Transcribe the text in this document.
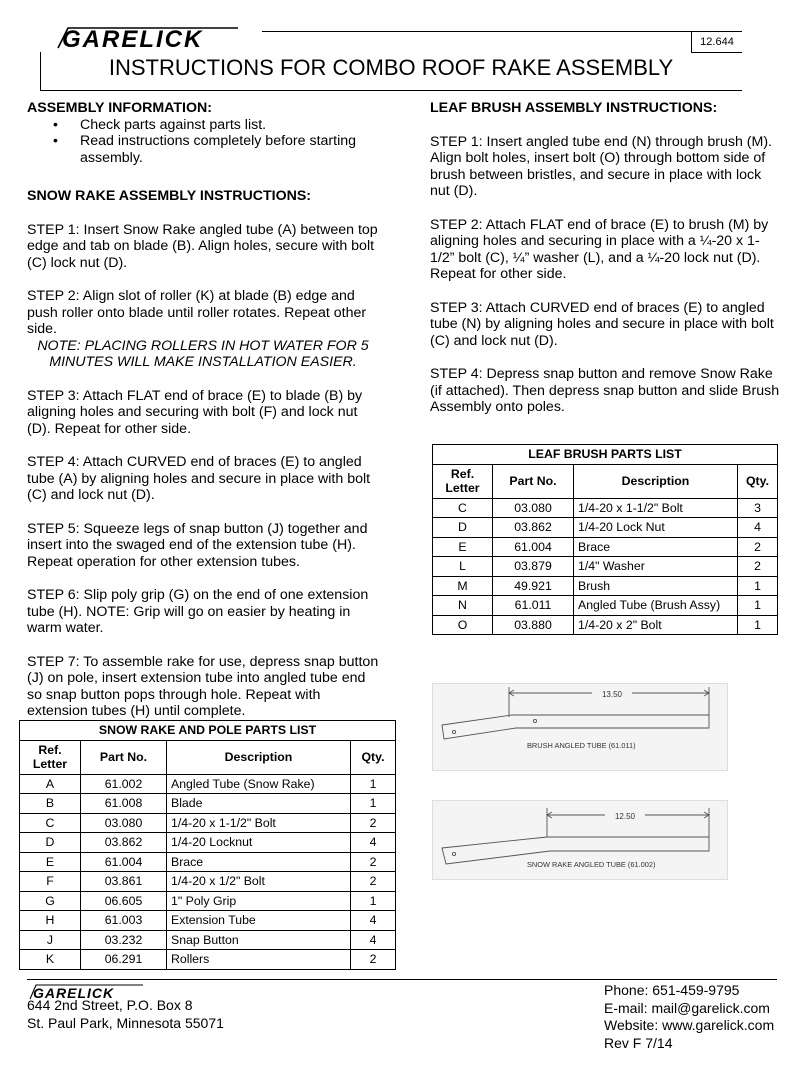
GARELICK	12.644
INSTRUCTIONS FOR COMBO ROOF RAKE ASSEMBLY

ASSEMBLY INFORMATION:

• Check parts against parts list.
• Read instructions completely before starting assembly.

SNOW RAKE ASSEMBLY INSTRUCTIONS:

STEP 1: Insert Snow Rake angled tube (A) between top edge and tab on blade (B). Align holes, secure with bolt (C) lock nut (D).

STEP 2: Align slot of roller (K) at blade (B) edge and push roller onto blade until roller rotates. Repeat other side.

NOTE: PLACING ROLLERS IN HOT WATER FOR 5 MINUTES WILL MAKE INSTALLATION EASIER.

STEP 3: Attach FLAT end of brace (E) to blade (B) by aligning holes and securing with bolt (F) and lock nut (D). Repeat for other side.

STEP 4: Attach CURVED end of braces (E) to angled tube (A) by aligning holes and secure in place with bolt (C) and lock nut (D).

STEP 5: Squeeze legs of snap button (J) together and insert into the swaged end of the extension tube (H). Repeat operation for other extension tubes.

STEP 6: Slip poly grip (G) on the end of one extension tube (H). NOTE: Grip will go on easier by heating in warm water.

STEP 7: To assemble rake for use, depress snap button (J) on pole, insert extension tube into angled tube end so snap button pops through hole. Repeat with extension tubes (H) until complete.

LEAF BRUSH ASSEMBLY INSTRUCTIONS:

STEP 1: Insert angled tube end (N) through brush (M). Align bolt holes, insert bolt (O) through bottom side of brush between bristles, and secure in place with lock nut (D).

STEP 2: Attach FLAT end of brace (E) to brush (M) by aligning holes and securing in place with a ¼-20 x 1-1/2” bolt (C), ¼” washer (L), and a ¼-20 lock nut (D). Repeat for other side.

STEP 3: Attach CURVED end of braces (E) to angled tube (N) by aligning holes and secure in place with bolt (C) and lock nut (D).

STEP 4: Depress snap button and remove Snow Rake (if attached). Then depress snap button and slide Brush Assembly onto poles.

LEAF BRUSH PARTS LIST			
Ref. Letter	Part No.	Description	Qty.
C	03.080	1/4-20 x 1-1/2" Bolt	3
D	03.862	1/4-20 Lock Nut	4
E	61.004	Brace	2
L	03.879	1/4" Washer	2
M	49.921	Brush	1
N	61.011	Angled Tube (Brush Assy)	1
O	03.880	1/4-20 x 2" Bolt	1
SNOW RAKE AND POLE PARTS LIST			
Ref. Letter	Part No.	Description	Qty.
A	61.002	Angled Tube (Snow Rake)	1
B	61.008	Blade	1
C	03.080	1/4-20 x 1-1/2" Bolt	2
D	03.862	1/4-20 Locknut	4
E	61.004	Brace	2
F	03.861	1/4-20 x 1/2" Bolt	2
G	06.605	1" Poly Grip	1
H	61.003	Extension Tube	4
J	03.232	Snap Button	4
K	06.291	Rollers	2
13.50
BRUSH ANGLED TUBE (61.011)
12.50
SNOW RAKE ANGLED TUBE (61.002)
GARELICK
644 2nd Street, P.O. Box 8
St. Paul Park, Minnesota 55071
Phone: 651-459-9795
E-mail: mail@garelick.com
Website: www.garelick.com
Rev F 7/14
